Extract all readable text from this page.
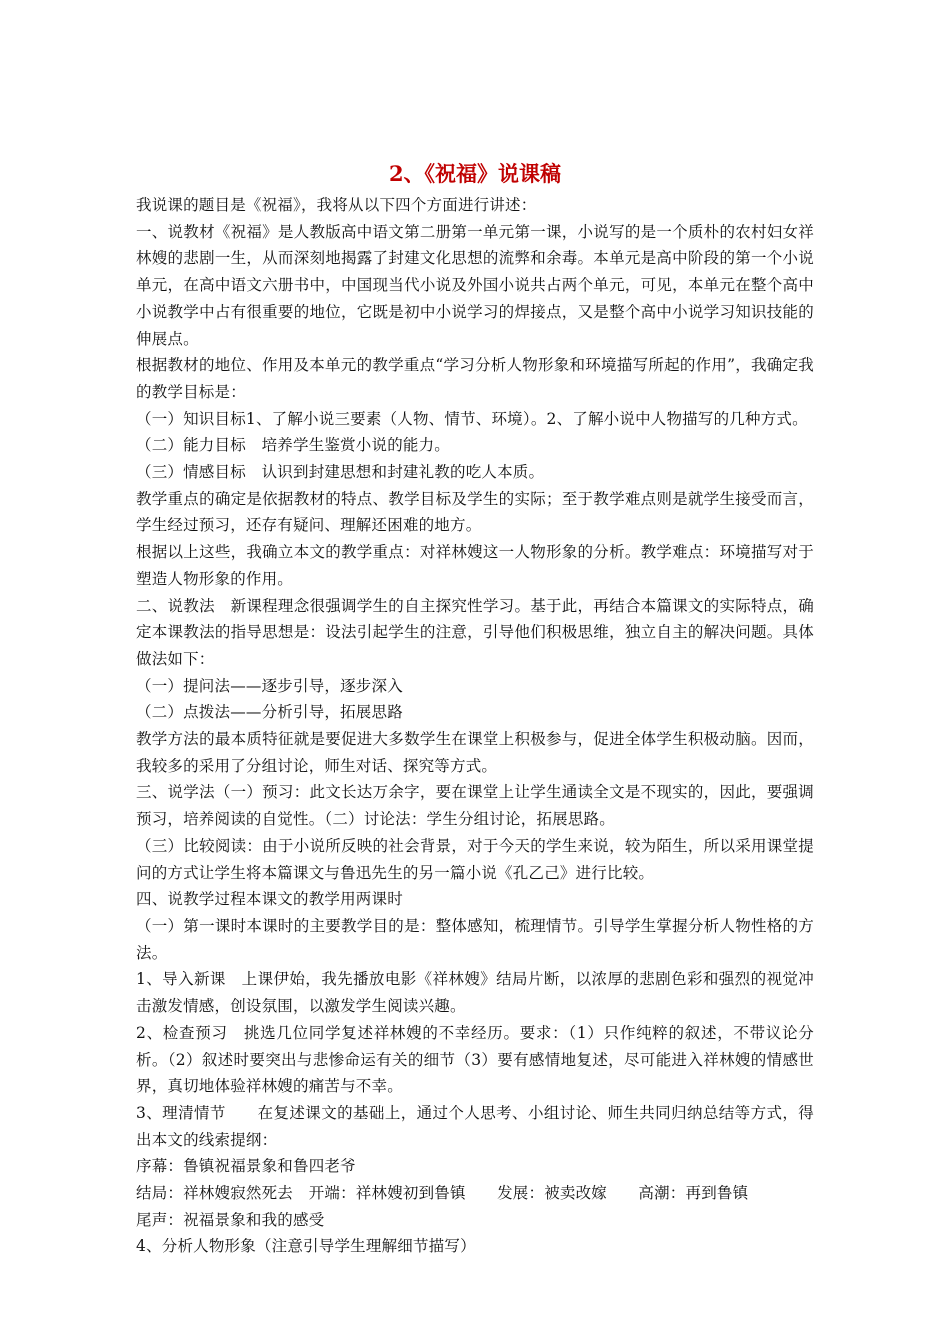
2、《祝福》说课稿

我说课的题目是《祝福》，我将从以下四个方面进行讲述：

一、说教材《祝福》是人教版高中语文第二册第一单元第一课，小说写的是一个质朴的农村妇女祥林嫂的悲剧一生，从而深刻地揭露了封建文化思想的流弊和余毒。本单元是高中阶段的第一个小说单元，在高中语文六册书中，中国现当代小说及外国小说共占两个单元，可见，本单元在整个高中小说教学中占有很重要的地位，它既是初中小说学习的焊接点，又是整个高中小说学习知识技能的伸展点。

根据教材的地位、作用及本单元的教学重点“学习分析人物形象和环境描写所起的作用”，我确定我的教学目标是：

（一）知识目标1、了解小说三要素（人物、情节、环境）。2、了解小说中人物描写的几种方式。

（二）能力目标　培养学生鉴赏小说的能力。

（三）情感目标　认识到封建思想和封建礼教的吃人本质。

教学重点的确定是依据教材的特点、教学目标及学生的实际；至于教学难点则是就学生接受而言，学生经过预习，还存有疑问、理解还困难的地方。

根据以上这些，我确立本文的教学重点：对祥林嫂这一人物形象的分析。教学难点：环境描写对于塑造人物形象的作用。

二、说教法　新课程理念很强调学生的自主探究性学习。基于此，再结合本篇课文的实际特点，确定本课教法的指导思想是：设法引起学生的注意，引导他们积极思维，独立自主的解决问题。具体做法如下：

（一）提问法——逐步引导，逐步深入

（二）点拨法——分析引导，拓展思路

教学方法的最本质特征就是要促进大多数学生在课堂上积极参与，促进全体学生积极动脑。因而，我较多的采用了分组讨论，师生对话、探究等方式。

三、说学法（一）预习：此文长达万余字，要在课堂上让学生通读全文是不现实的，因此，要强调预习，培养阅读的自觉性。（二）讨论法：学生分组讨论，拓展思路。

（三）比较阅读：由于小说所反映的社会背景，对于今天的学生来说，较为陌生，所以采用课堂提问的方式让学生将本篇课文与鲁迅先生的另一篇小说《孔乙己》进行比较。

四、说教学过程本课文的教学用两课时

（一）第一课时本课时的主要教学目的是：整体感知，梳理情节。引导学生掌握分析人物性格的方法。

1、导入新课　上课伊始，我先播放电影《祥林嫂》结局片断，以浓厚的悲剧色彩和强烈的视觉冲击激发情感，创设氛围，以激发学生阅读兴趣。

2、检查预习　挑选几位同学复述祥林嫂的不幸经历。要求：（1）只作纯粹的叙述，不带议论分析。（2）叙述时要突出与悲惨命运有关的细节（3）要有感情地复述，尽可能进入祥林嫂的情感世界，真切地体验祥林嫂的痛苦与不幸。

3、理清情节　　在复述课文的基础上，通过个人思考、小组讨论、师生共同归纳总结等方式，得出本文的线索提纲：

序幕：鲁镇祝福景象和鲁四老爷

结局：祥林嫂寂然死去　开端：祥林嫂初到鲁镇　　发展：被卖改嫁　　高潮：再到鲁镇

尾声：祝福景象和我的感受

4、分析人物形象（注意引导学生理解细节描写）
